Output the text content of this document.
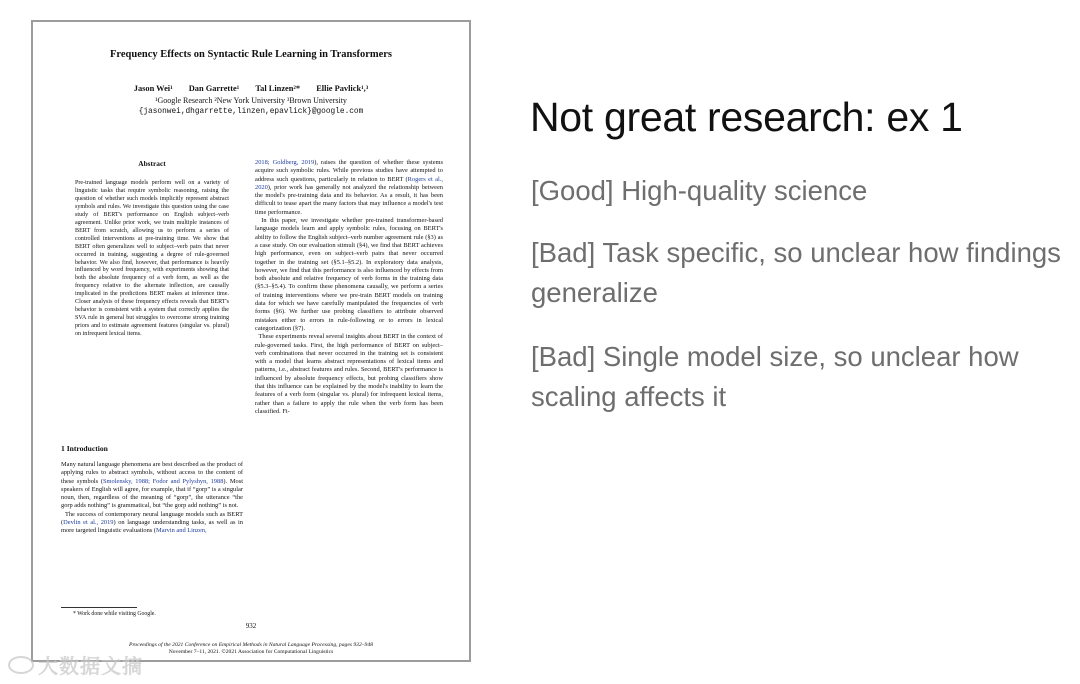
Frequency Effects on Syntactic Rule Learning in Transformers
Jason Wei¹ Dan Garrette¹ Tal Linzen²* Ellie Pavlick¹,³
¹Google Research ²New York University ³Brown University
{jasonwei,dhgarrette,linzen,epavlick}@google.com
Abstract
Pre-trained language models perform well on a variety of linguistic tasks that require symbolic reasoning, raising the question of whether such models implicitly represent abstract symbols and rules. We investigate this question using the case study of BERT's performance on English subject–verb agreement. Unlike prior work, we train multiple instances of BERT from scratch, allowing us to perform a series of controlled interventions at pre-training time. We show that BERT often generalizes well to subject–verb pairs that never occurred in training, suggesting a degree of rule-governed behavior. We also find, however, that performance is heavily influenced by word frequency, with experiments showing that both the absolute frequency of a verb form, as well as the frequency relative to the alternate inflection, are causally implicated in the predictions BERT makes at inference time. Closer analysis of these frequency effects reveals that BERT's behavior is consistent with a system that correctly applies the SVA rule in general but struggles to overcome strong training priors and to estimate agreement features (singular vs. plural) on infrequent lexical items.
1 Introduction
Many natural language phenomena are best described as the product of applying rules to abstract symbols, without access to the content of these symbols (Smolensky, 1988; Fodor and Pylyshyn, 1988). Most speakers of English will agree, for example, that if “gorp” is a singular noun, then, regardless of the meaning of “gorp”, the utterance “the gorp adds nothing” is grammatical, but “the gorp add nothing” is not.
The success of contemporary neural language models such as BERT (Devlin et al., 2019) on language understanding tasks, as well as in more targeted linguistic evaluations (Marvin and Linzen,
2018; Goldberg, 2019), raises the question of whether these systems acquire such symbolic rules. While previous studies have attempted to address such questions, particularly in relation to BERT (Rogers et al., 2020), prior work has generally not analyzed the relationship between the model's pre-training data and its behavior. As a result, it has been difficult to tease apart the many factors that may influence a model's test time performance.
In this paper, we investigate whether pre-trained transformer-based language models learn and apply symbolic rules, focusing on BERT's ability to follow the English subject–verb number agreement rule (§3) as a case study. On our evaluation stimuli (§4), we find that BERT achieves high performance, even on subject–verb pairs that never occurred together in the training set (§5.1–§5.2). In exploratory data analysis, however, we find that this performance is also influenced by effects from both absolute and relative frequency of verb forms in the training data (§5.3–§5.4). To confirm these phenomena causally, we perform a series of training interventions where we pre-train BERT models on training data for which we have carefully manipulated the frequencies of verb forms (§6). We further use probing classifiers to attribute observed mistakes either to errors in rule-following or to errors in lexical categorization (§7).
These experiments reveal several insights about BERT in the context of rule-governed tasks. First, the high performance of BERT on subject–verb combinations that never occurred in the training set is consistent with a model that learns abstract representations of lexical items and patterns, i.e., abstract features and rules. Second, BERT's performance is influenced by absolute frequency effects, but probing classifiers show that this influence can be explained by the model's inability to learn the features of a verb form (singular vs. plural) for infrequent lexical items, rather than a failure to apply the rule when the verb form has been classified. Fi-
* Work done while visiting Google.
932
Proceedings of the 2021 Conference on Empirical Methods in Natural Language Processing, pages 932–948
November 7–11, 2021. ©2021 Association for Computational Linguistics
Not great research: ex 1
[Good] High-quality science
[Bad] Task specific, so unclear how findings generalize
[Bad] Single model size, so unclear how scaling affects it
大数据文摘
